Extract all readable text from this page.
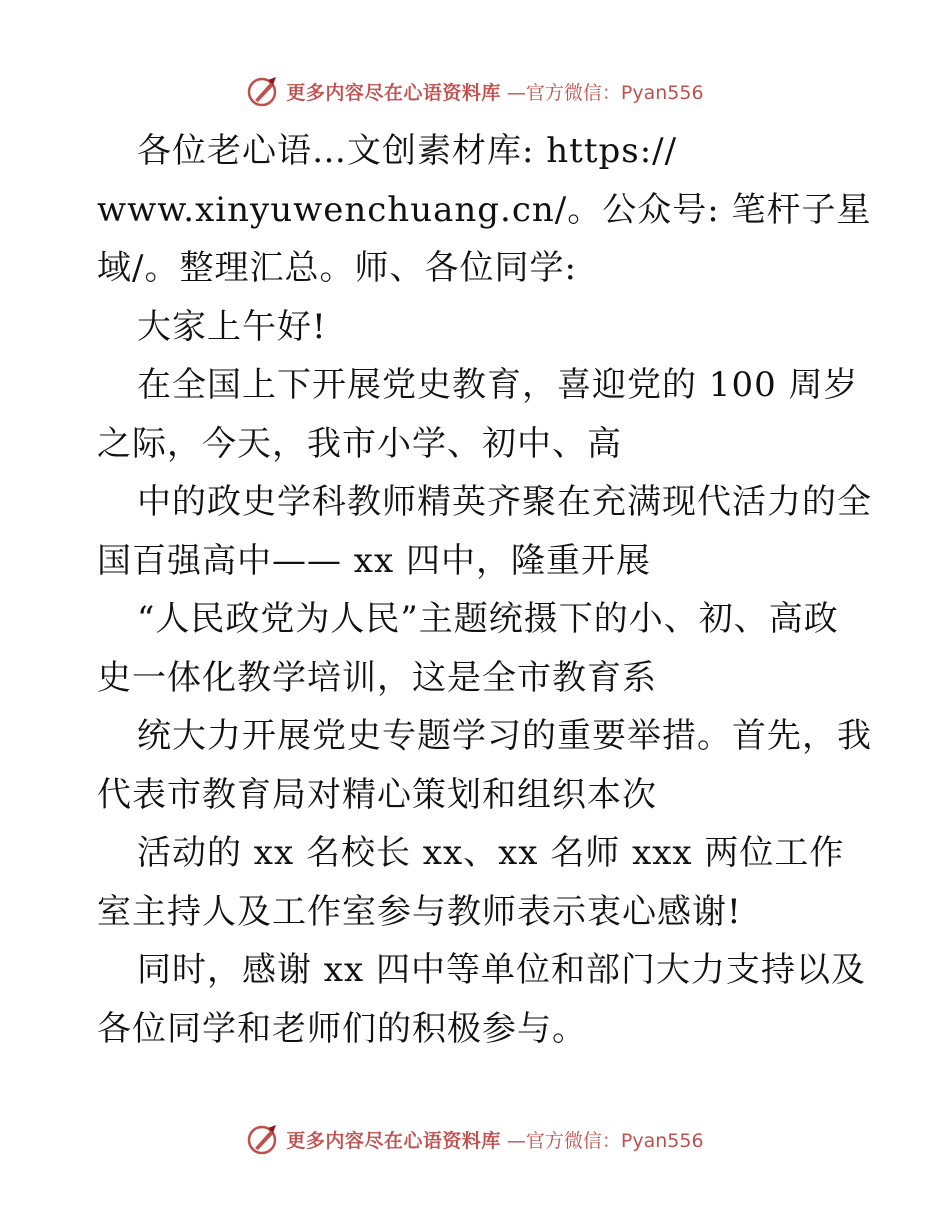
更多内容尽在心语资料库 —官方微信：Pyan556
各位老心语…文创素材库: https://
www.xinyuwenchuang.cn/。公众号: 笔杆子星
域/。整理汇总。师、各位同学:
大家上午好!
在全国上下开展党史教育，喜迎党的 100 周岁
之际，今天，我市小学、初中、高
中的政史学科教师精英齐聚在充满现代活力的全
国百强高中—— xx 四中，隆重开展
“人民政党为人民”主题统摄下的小、初、高政
史一体化教学培训，这是全市教育系
统大力开展党史专题学习的重要举措。首先，我
代表市教育局对精心策划和组织本次
活动的 xx 名校长 xx、xx 名师 xxx 两位工作
室主持人及工作室参与教师表示衷心感谢!
同时，感谢 xx 四中等单位和部门大力支持以及
各位同学和老师们的积极参与。
更多内容尽在心语资料库 —官方微信：Pyan556
